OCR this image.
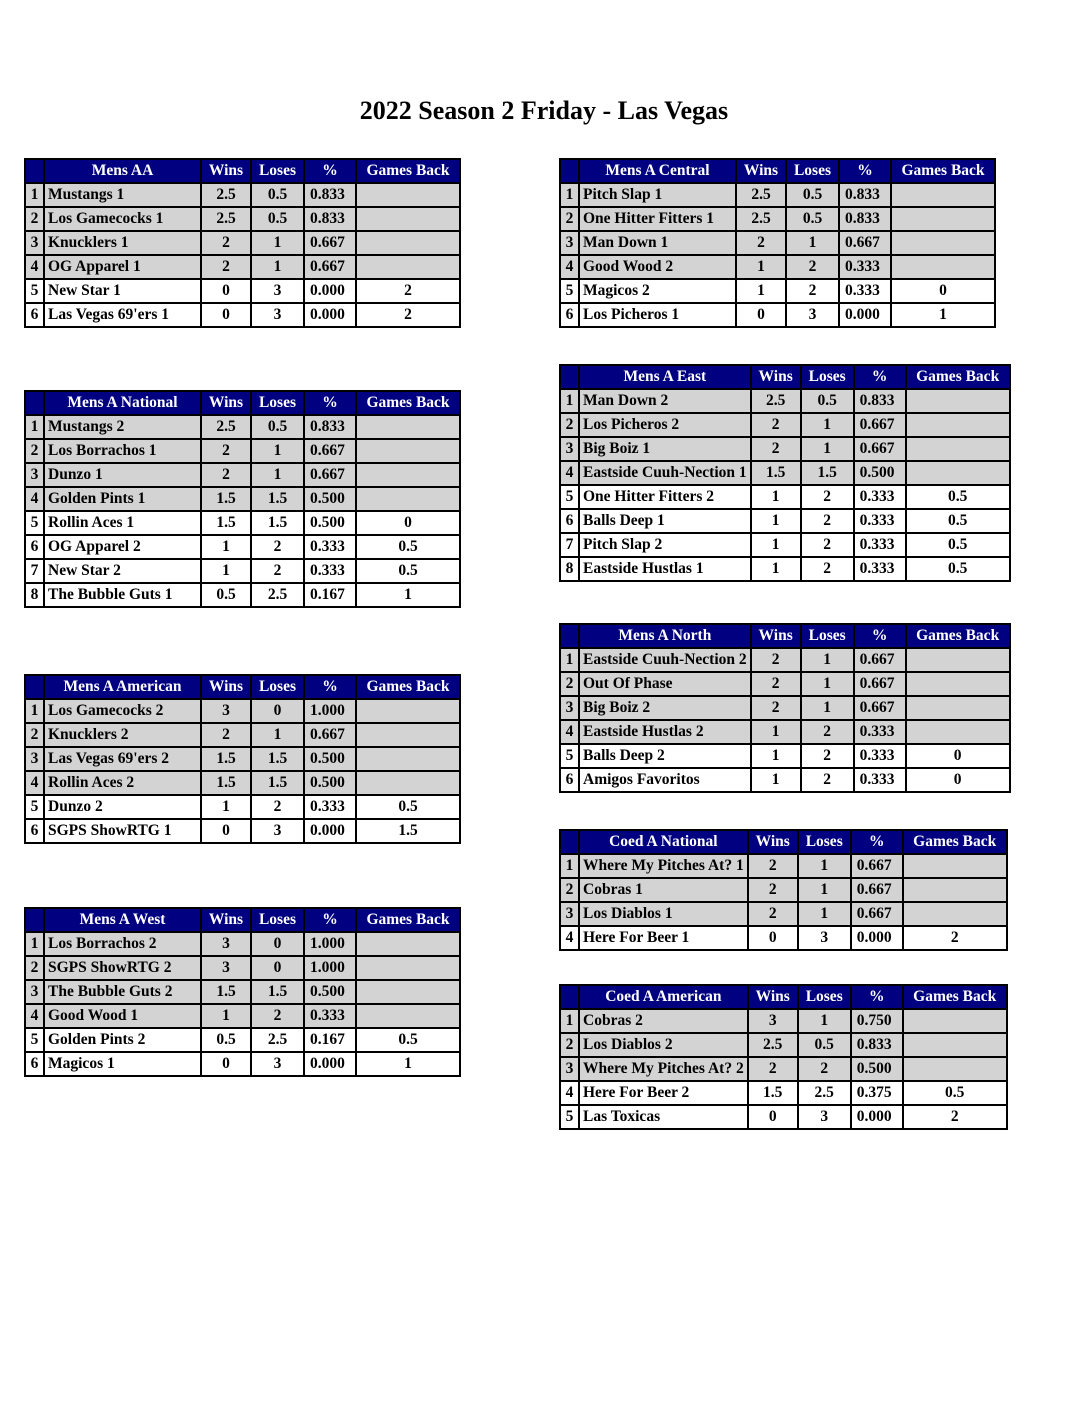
2022 Season 2 Friday - Las Vegas
	Mens AA	Wins	Loses	%	Games Back
1	Mustangs 1	2.5	0.5	0.833	
2	Los Gamecocks 1	2.5	0.5	0.833	
3	Knucklers 1	2	1	0.667	
4	OG Apparel 1	2	1	0.667	
5	New Star 1	0	3	0.000	2
6	Las Vegas 69'ers 1	0	3	0.000	2
	Mens A National	Wins	Loses	%	Games Back
1	Mustangs 2	2.5	0.5	0.833	
2	Los Borrachos 1	2	1	0.667	
3	Dunzo 1	2	1	0.667	
4	Golden Pints 1	1.5	1.5	0.500	
5	Rollin Aces 1	1.5	1.5	0.500	0
6	OG Apparel 2	1	2	0.333	0.5
7	New Star 2	1	2	0.333	0.5
8	The Bubble Guts 1	0.5	2.5	0.167	1
	Mens A American	Wins	Loses	%	Games Back
1	Los Gamecocks 2	3	0	1.000	
2	Knucklers 2	2	1	0.667	
3	Las Vegas 69'ers 2	1.5	1.5	0.500	
4	Rollin Aces 2	1.5	1.5	0.500	
5	Dunzo 2	1	2	0.333	0.5
6	SGPS ShowRTG 1	0	3	0.000	1.5
	Mens A West	Wins	Loses	%	Games Back
1	Los Borrachos 2	3	0	1.000	
2	SGPS ShowRTG 2	3	0	1.000	
3	The Bubble Guts 2	1.5	1.5	0.500	
4	Good Wood 1	1	2	0.333	
5	Golden Pints 2	0.5	2.5	0.167	0.5
6	Magicos 1	0	3	0.000	1
	Mens A Central	Wins	Loses	%	Games Back
1	Pitch Slap 1	2.5	0.5	0.833	
2	One Hitter Fitters 1	2.5	0.5	0.833	
3	Man Down 1	2	1	0.667	
4	Good Wood 2	1	2	0.333	
5	Magicos 2	1	2	0.333	0
6	Los Picheros 1	0	3	0.000	1
	Mens A East	Wins	Loses	%	Games Back
1	Man Down 2	2.5	0.5	0.833	
2	Los Picheros 2	2	1	0.667	
3	Big Boiz 1	2	1	0.667	
4	Eastside Cuuh-Nection 1	1.5	1.5	0.500	
5	One Hitter Fitters 2	1	2	0.333	0.5
6	Balls Deep 1	1	2	0.333	0.5
7	Pitch Slap 2	1	2	0.333	0.5
8	Eastside Hustlas 1	1	2	0.333	0.5
	Mens A North	Wins	Loses	%	Games Back
1	Eastside Cuuh-Nection 2	2	1	0.667	
2	Out Of Phase	2	1	0.667	
3	Big Boiz 2	2	1	0.667	
4	Eastside Hustlas 2	1	2	0.333	
5	Balls Deep 2	1	2	0.333	0
6	Amigos Favoritos	1	2	0.333	0
	Coed A National	Wins	Loses	%	Games Back
1	Where My Pitches At? 1	2	1	0.667	
2	Cobras 1	2	1	0.667	
3	Los Diablos 1	2	1	0.667	
4	Here For Beer 1	0	3	0.000	2
	Coed A American	Wins	Loses	%	Games Back
1	Cobras 2	3	1	0.750	
2	Los Diablos 2	2.5	0.5	0.833	
3	Where My Pitches At? 2	2	2	0.500	
4	Here For Beer 2	1.5	2.5	0.375	0.5
5	Las Toxicas	0	3	0.000	2
